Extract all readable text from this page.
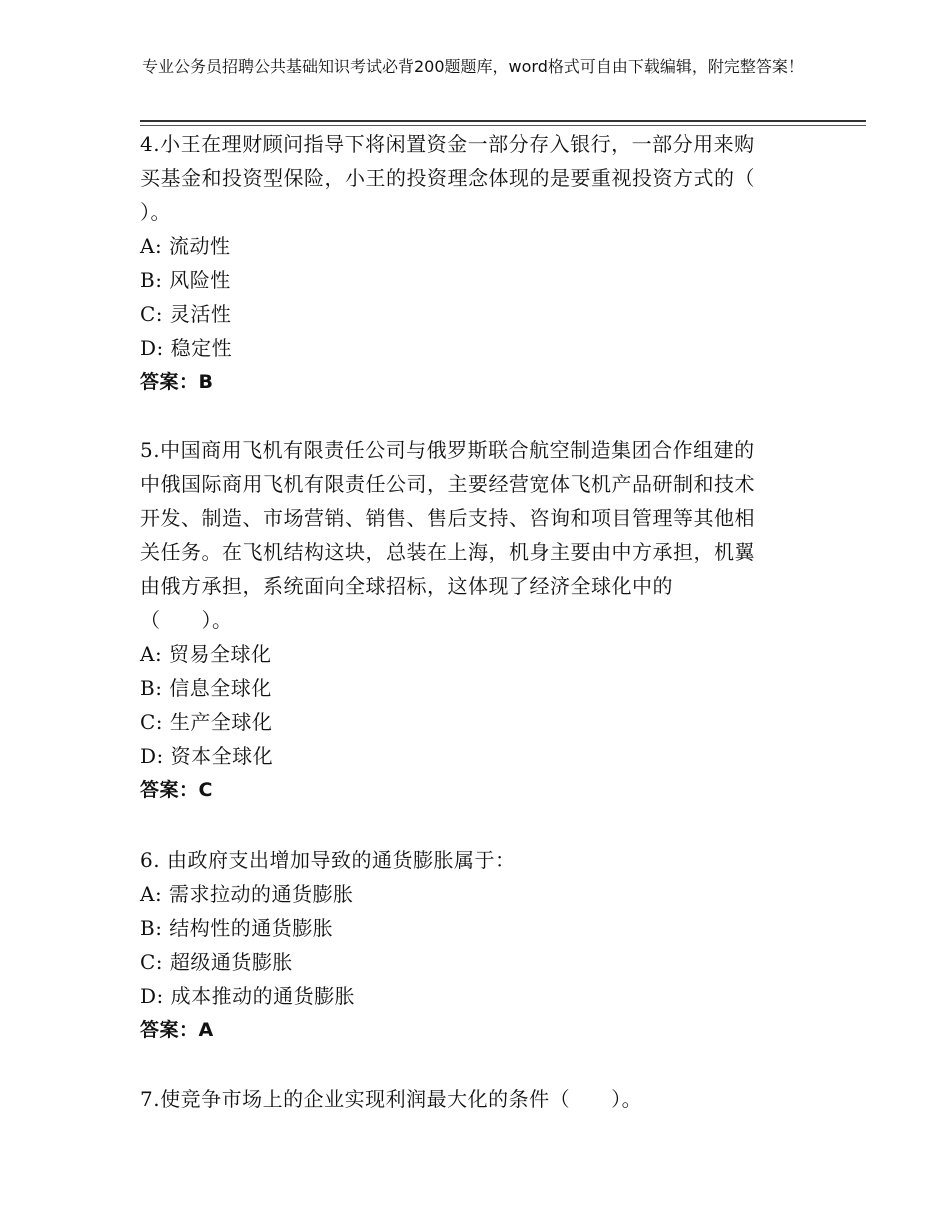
专业公务员招聘公共基础知识考试必背200题题库，word格式可自由下载编辑，附完整答案！

4.小王在理财顾问指导下将闲置资金一部分存入银行，一部分用来购

买基金和投资型保险，小王的投资理念体现的是要重视投资方式的（

）。

A: 流动性

B: 风险性

C: 灵活性

D: 稳定性

答案：B

5.中国商用飞机有限责任公司与俄罗斯联合航空制造集团合作组建的

中俄国际商用飞机有限责任公司，主要经营宽体飞机产品研制和技术

开发、制造、市场营销、销售、售后支持、咨询和项目管理等其他相

关任务。在飞机结构这块，总装在上海，机身主要由中方承担，机翼

由俄方承担，系统面向全球招标，这体现了经济全球化中的

（　　）。

A: 贸易全球化

B: 信息全球化

C: 生产全球化

D: 资本全球化

答案：C

6. 由政府支出增加导致的通货膨胀属于：

A: 需求拉动的通货膨胀

B: 结构性的通货膨胀

C: 超级通货膨胀

D: 成本推动的通货膨胀

答案：A

7.使竞争市场上的企业实现利润最大化的条件（　　）。
